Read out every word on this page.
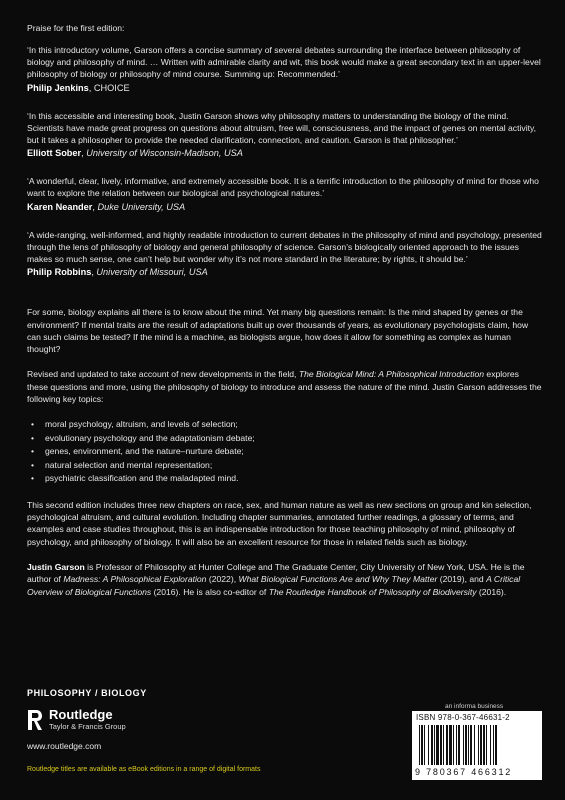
Praise for the first edition:

‘In this introductory volume, Garson offers a concise summary of several debates surrounding the interface between philosophy of biology and philosophy of mind. … Written with admirable clarity and wit, this book would make a great secondary text in an upper-level philosophy of biology or philosophy of mind course. Summing up: Recommended.’

Philip Jenkins, CHOICE

‘In this accessible and interesting book, Justin Garson shows why philosophy matters to understanding the biology of the mind. Scientists have made great progress on questions about altruism, free will, consciousness, and the impact of genes on mental activity, but it takes a philosopher to provide the needed clarification, connection, and caution. Garson is that philosopher.’

Elliott Sober, University of Wisconsin-Madison, USA

‘A wonderful, clear, lively, informative, and extremely accessible book. It is a terrific introduction to the philosophy of mind for those who want to explore the relation between our biological and psychological natures.’

Karen Neander, Duke University, USA

‘A wide-ranging, well-informed, and highly readable introduction to current debates in the philosophy of mind and psychology, presented through the lens of philosophy of biology and general philosophy of science. Garson’s biologically oriented approach to the issues makes so much sense, one can’t help but wonder why it’s not more standard in the literature; by rights, it should be.’

Philip Robbins, University of Missouri, USA

For some, biology explains all there is to know about the mind. Yet many big questions remain: Is the mind shaped by genes or the environment? If mental traits are the result of adaptations built up over thousands of years, as evolutionary psychologists claim, how can such claims be tested? If the mind is a machine, as biologists argue, how does it allow for something as complex as human thought?

Revised and updated to take account of new developments in the field, The Biological Mind: A Philosophical Introduction explores these questions and more, using the philosophy of biology to introduce and assess the nature of the mind. Justin Garson addresses the following key topics:

• moral psychology, altruism, and levels of selection;
• evolutionary psychology and the adaptationism debate;
• genes, environment, and the nature–nurture debate;
• natural selection and mental representation;
• psychiatric classification and the maladapted mind.

This second edition includes three new chapters on race, sex, and human nature as well as new sections on group and kin selection, psychological altruism, and cultural evolution. Including chapter summaries, annotated further readings, a glossary of terms, and examples and case studies throughout, this is an indispensable introduction for those teaching philosophy of mind, philosophy of psychology, and philosophy of biology. It will also be an excellent resource for those in related fields such as biology.

Justin Garson is Professor of Philosophy at Hunter College and The Graduate Center, City University of New York, USA. He is the author of Madness: A Philosophical Exploration (2022), What Biological Functions Are and Why They Matter (2019), and A Critical Overview of Biological Functions (2016). He is also co-editor of The Routledge Handbook of Philosophy of Biodiversity (2016).

PHILOSOPHY / BIOLOGY
Routledge
Taylor & Francis Group
www.routledge.com
Routledge titles are available as eBook editions in a range of digital formats
an informa business
ISBN 978-0-367-46631-2
9 780367 466312
